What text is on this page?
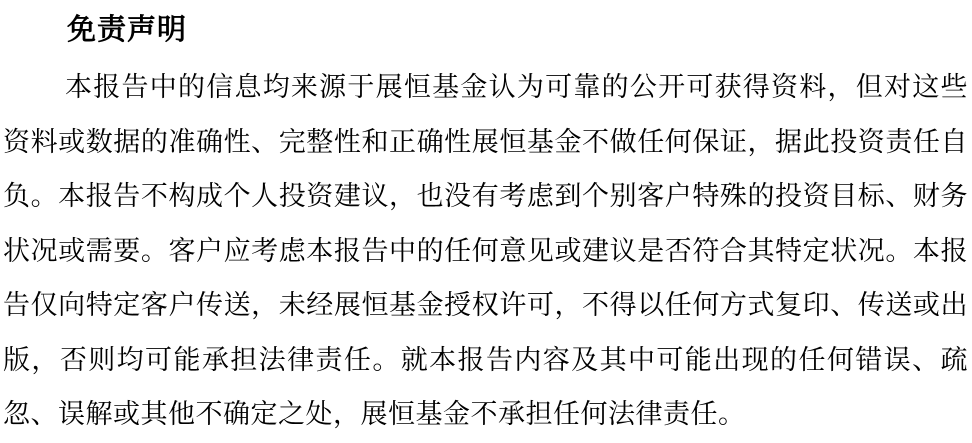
免责声明

本报告中的信息均来源于展恒基金认为可靠的公开可获得资料，但对这些资料或数据的准确性、完整性和正确性展恒基金不做任何保证，据此投资责任自负。本报告不构成个人投资建议，也没有考虑到个别客户特殊的投资目标、财务状况或需要。客户应考虑本报告中的任何意见或建议是否符合其特定状况。本报告仅向特定客户传送，未经展恒基金授权许可，不得以任何方式复印、传送或出版，否则均可能承担法律责任。就本报告内容及其中可能出现的任何错误、疏忽、误解或其他不确定之处，展恒基金不承担任何法律责任。
